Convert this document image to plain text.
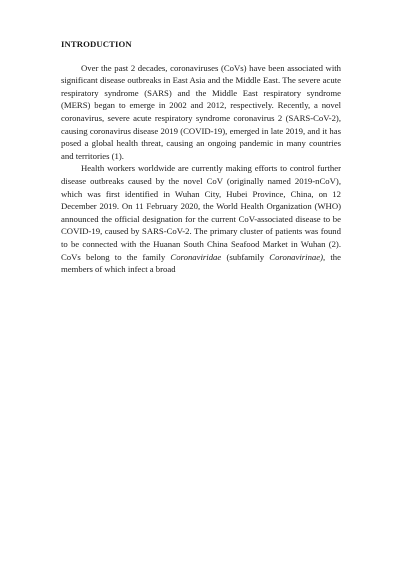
INTRODUCTION

Over the past 2 decades, coronaviruses (CoVs) have been associated with significant disease outbreaks in East Asia and the Middle East. The severe acute respiratory syndrome (SARS) and the Middle East respiratory syndrome (MERS) began to emerge in 2002 and 2012, respectively. Recently, a novel coronavirus, severe acute respiratory syndrome coronavirus 2 (SARS-CoV-2), causing coronavirus disease 2019 (COVID-19), emerged in late 2019, and it has posed a global health threat, causing an ongoing pandemic in many countries and territories (1).

Health workers worldwide are currently making efforts to control further disease outbreaks caused by the novel CoV (originally named 2019-nCoV), which was first identified in Wuhan City, Hubei Province, China, on 12 December 2019. On 11 February 2020, the World Health Organization (WHO) announced the official designation for the current CoV-associated disease to be COVID-19, caused by SARS-CoV-2. The primary cluster of patients was found to be connected with the Huanan South China Seafood Market in Wuhan (2). CoVs belong to the family Coronaviridae (subfamily Coronavirinae), the members of which infect a broad
